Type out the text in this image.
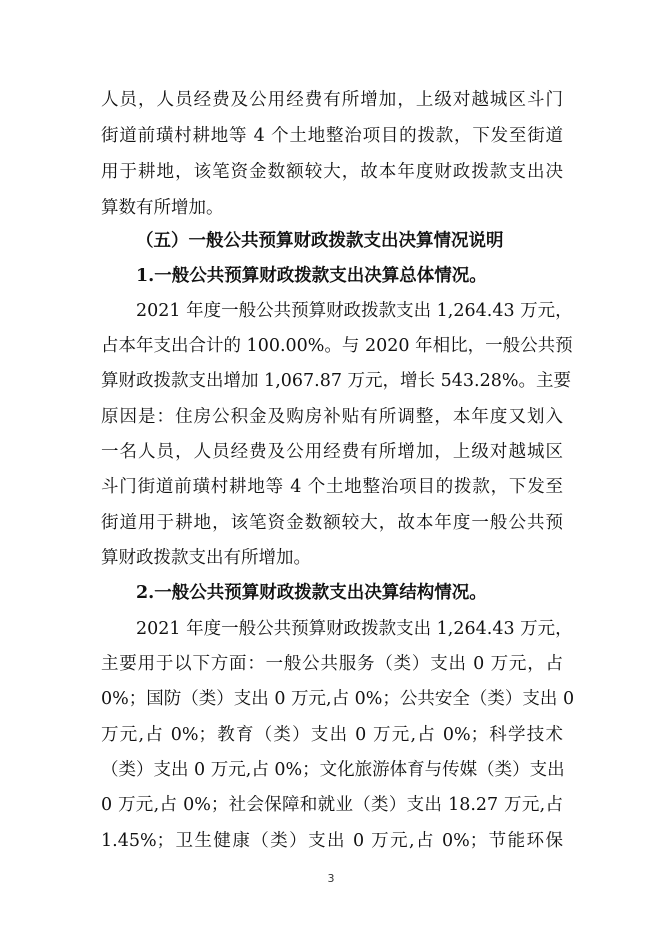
人员，人员经费及公用经费有所增加，上级对越城区斗门
街道前璜村耕地等 4 个土地整治项目的拨款，下发至街道
用于耕地，该笔资金数额较大，故本年度财政拨款支出决
算数有所增加。
（五）一般公共预算财政拨款支出决算情况说明
1.一般公共预算财政拨款支出决算总体情况。
2021 年度一般公共预算财政拨款支出 1,264.43 万元，
占本年支出合计的 100.00%。与 2020 年相比，一般公共预
算财政拨款支出增加 1,067.87 万元，增长 543.28%。主要
原因是：住房公积金及购房补贴有所调整，本年度又划入
一名人员，人员经费及公用经费有所增加，上级对越城区
斗门街道前璜村耕地等 4 个土地整治项目的拨款，下发至
街道用于耕地，该笔资金数额较大，故本年度一般公共预
算财政拨款支出有所增加。
2.一般公共预算财政拨款支出决算结构情况。
2021 年度一般公共预算财政拨款支出 1,264.43 万元，
主要用于以下方面：一般公共服务（类）支出 0 万元，占
0%；国防（类）支出 0 万元,占 0%；公共安全（类）支出 0
万元,占 0%；教育（类）支出 0 万元,占 0%；科学技术
（类）支出 0 万元,占 0%；文化旅游体育与传媒（类）支出
0 万元,占 0%；社会保障和就业（类）支出 18.27 万元,占
1.45%；卫生健康（类）支出 0 万元,占 0%；节能环保
3
